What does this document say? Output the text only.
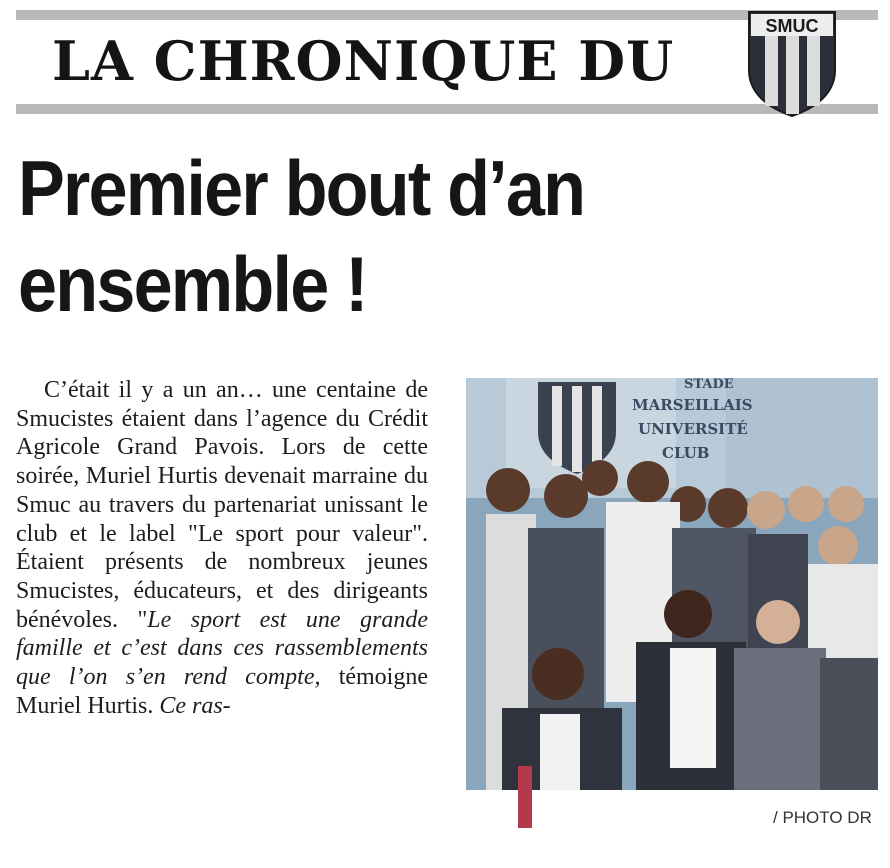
LA CHRONIQUE DU
SMUC
Premier bout d’an
ensemble !

C’était il y a un an… une centaine de Smucistes étaient dans l’agence du Crédit Agricole Grand Pavois. Lors de cette soirée, Muriel Hurtis devenait marraine du Smuc au travers du partenariat unissant le club et le label "Le sport pour valeur". Étaient présents de nombreux jeunes Smucistes, éducateurs, et des dirigeants bénévoles. "Le sport est une grande famille et c’est dans ces rassemblements que l’on s’en rend compte, témoigne Muriel Hurtis. Ce ras-

STADE
MARSEILLAIS
UNIVERSITÉ
CLUB
/ PHOTO DR
